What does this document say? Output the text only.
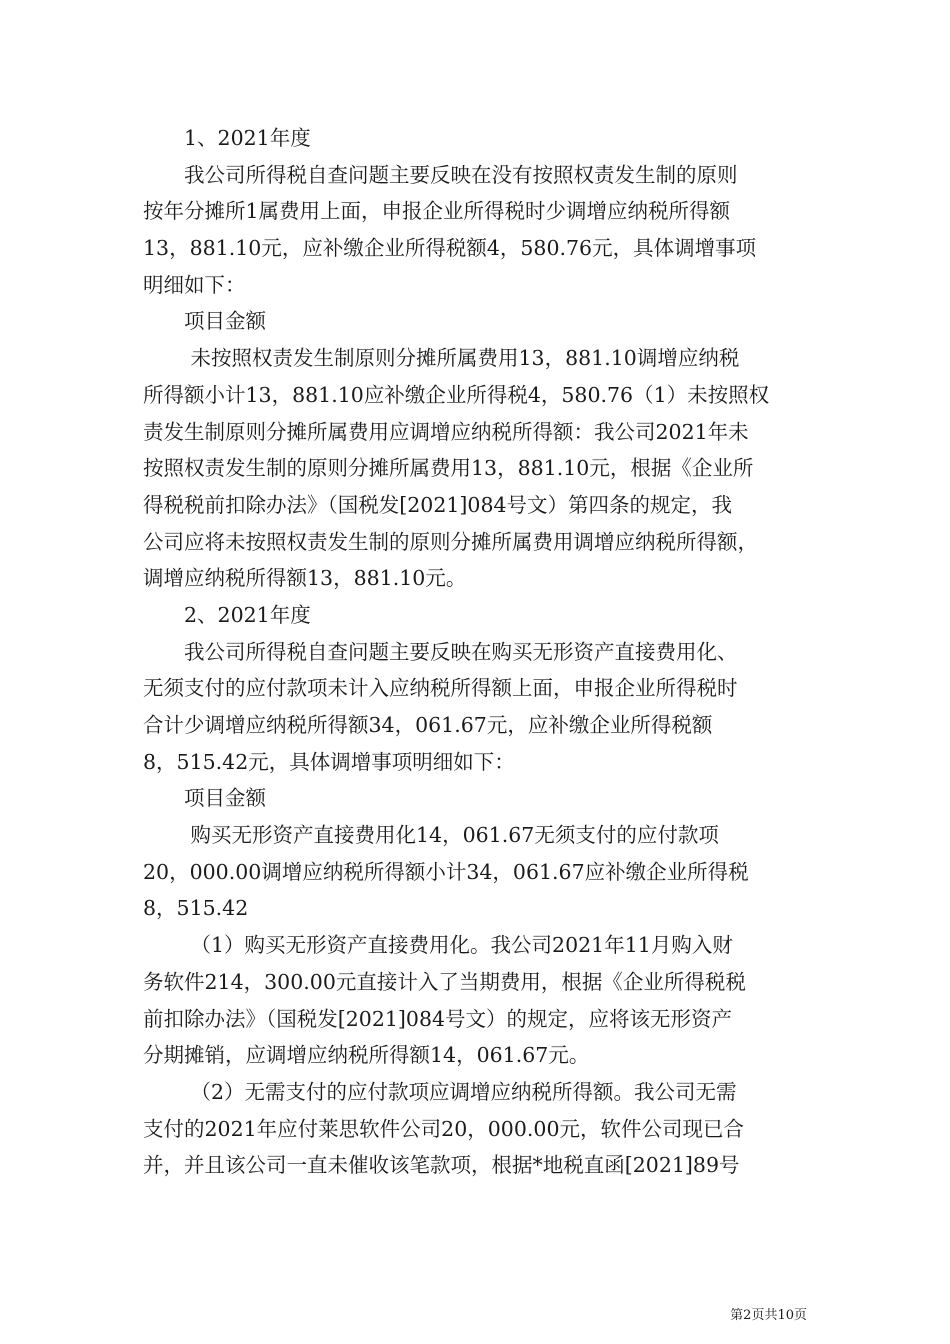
　　1、2021年度
　　我公司所得税自查问题主要反映在没有按照权责发生制的原则
按年分摊所1属费用上面，申报企业所得税时少调增应纳税所得额
13，881.10元，应补缴企业所得税额4，580.76元，具体调增事项
明细如下：
　　项目金额
　　 未按照权责发生制原则分摊所属费用13，881.10调增应纳税
所得额小计13，881.10应补缴企业所得税4，580.76（1）未按照权
责发生制原则分摊所属费用应调增应纳税所得额：我公司2021年未
按照权责发生制的原则分摊所属费用13，881.10元，根据《企业所
得税税前扣除办法》（国税发[2021]084号文）第四条的规定，我
公司应将未按照权责发生制的原则分摊所属费用调增应纳税所得额，
调增应纳税所得额13，881.10元。
　　2、2021年度
　　我公司所得税自查问题主要反映在购买无形资产直接费用化、
无须支付的应付款项未计入应纳税所得额上面，申报企业所得税时
合计少调增应纳税所得额34，061.67元，应补缴企业所得税额
8，515.42元，具体调增事项明细如下：
　　项目金额
　　 购买无形资产直接费用化14，061.67无须支付的应付款项
20，000.00调增应纳税所得额小计34，061.67应补缴企业所得税
8，515.42
　　 （1）购买无形资产直接费用化。我公司2021年11月购入财
务软件214，300.00元直接计入了当期费用，根据《企业所得税税
前扣除办法》（国税发[2021]084号文）的规定，应将该无形资产
分期摊销，应调增应纳税所得额14，061.67元。
　　 （2）无需支付的应付款项应调增应纳税所得额。我公司无需
支付的2021年应付莱思软件公司20，000.00元，软件公司现已合
并，并且该公司一直未催收该笔款项，根据*地税直函[2021]89号
第2页共10页
